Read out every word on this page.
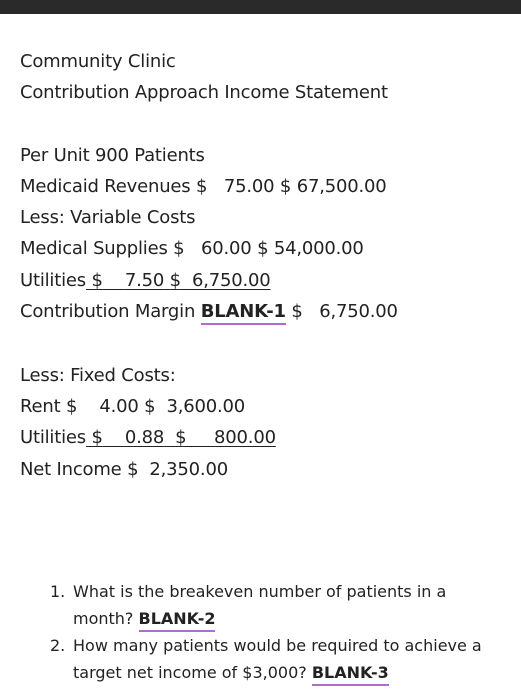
Community Clinic
Contribution Approach Income Statement
Per Unit 900 Patients
Medicaid Revenues $ 75.00 $ 67,500.00
Less: Variable Costs
Medical Supplies $ 60.00 $ 54,000.00
Utilities $ 7.50 $ 6,750.00
Contribution Margin BLANK-1 $ 6,750.00
Less: Fixed Costs:
Rent $ 4.00 $ 3,600.00
Utilities $ 0.88 $ 800.00
Net Income $ 2,350.00
1. What is the breakeven number of patients in a month? BLANK-2
2. How many patients would be required to achieve a target net income of $3,000? BLANK-3
